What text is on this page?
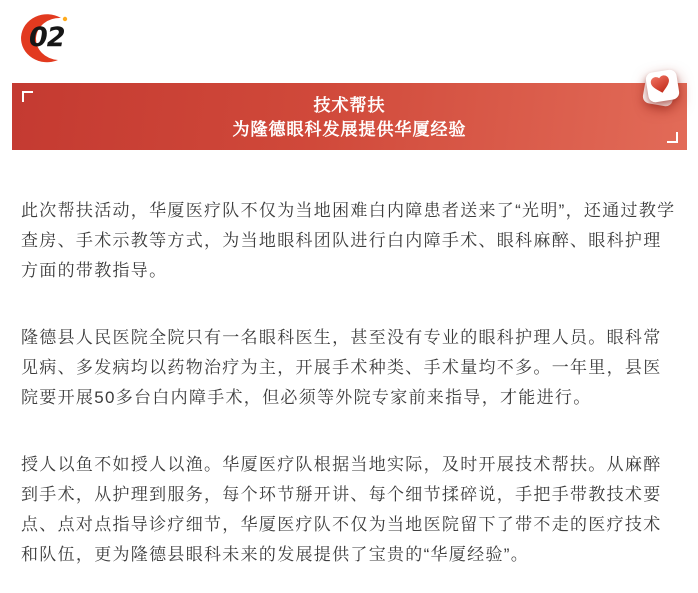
02
技术帮扶
为隆德眼科发展提供华厦经验

此次帮扶活动，华厦医疗队不仅为当地困难白内障患者送来了“光明”，还通过教学查房、手术示教等方式，为当地眼科团队进行白内障手术、眼科麻醉、眼科护理方面的带教指导。

隆德县人民医院全院只有一名眼科医生，甚至没有专业的眼科护理人员。眼科常见病、多发病均以药物治疗为主，开展手术种类、手术量均不多。一年里，县医院要开展50多台白内障手术，但必须等外院专家前来指导，才能进行。

授人以鱼不如授人以渔。华厦医疗队根据当地实际，及时开展技术帮扶。从麻醉到手术，从护理到服务，每个环节掰开讲、每个细节揉碎说，手把手带教技术要点、点对点指导诊疗细节，华厦医疗队不仅为当地医院留下了带不走的医疗技术和队伍，更为隆德县眼科未来的发展提供了宝贵的“华厦经验”。
